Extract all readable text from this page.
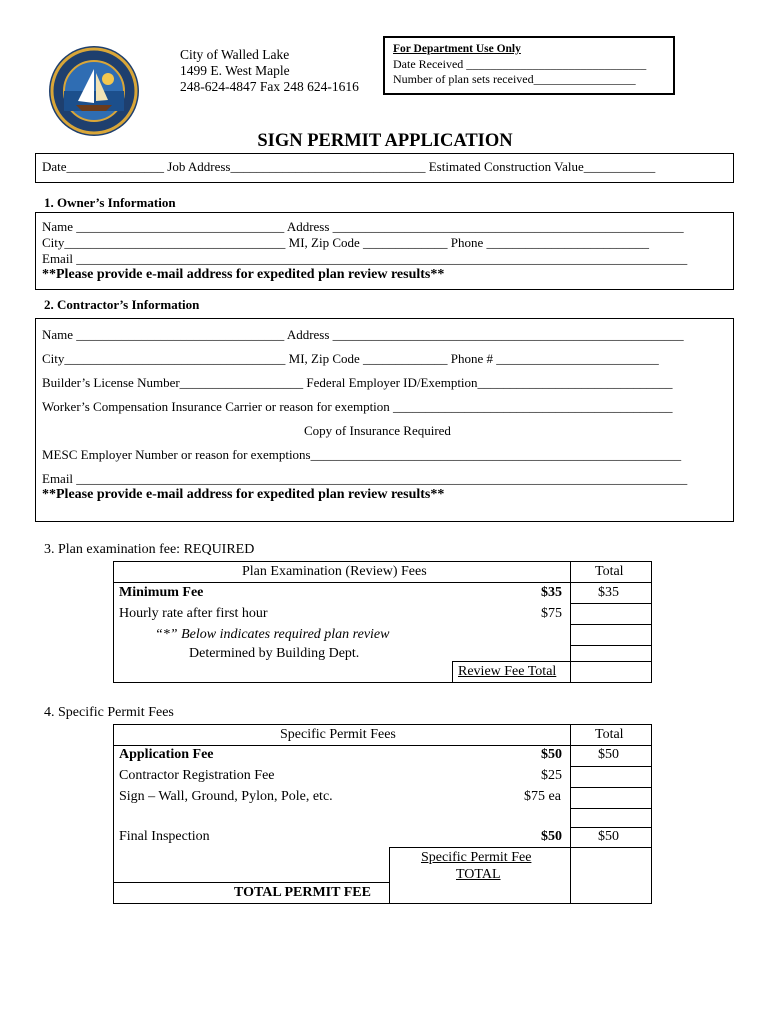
City of Walled Lake
1499 E. West Maple
248-624-4847 Fax 248 624-1616
For Department Use Only
Date Received ______________________________
Number of plan sets received_________________
SIGN PERMIT APPLICATION
Date_______________ Job Address______________________________ Estimated Construction Value___________
1. Owner’s Information
Name ________________________________ Address ______________________________________________________
City__________________________________ MI, Zip Code _____________ Phone _________________________
Email ______________________________________________________________________________________________
**Please provide e-mail address for expedited plan review results**
2. Contractor’s Information
Name ________________________________ Address ______________________________________________________
City__________________________________ MI, Zip Code _____________ Phone # _________________________
Builder’s License Number___________________ Federal Employer ID/Exemption______________________________
Worker’s Compensation Insurance Carrier or reason for exemption ___________________________________________
Copy of Insurance Required
MESC Employer Number or reason for exemptions_________________________________________________________
Email ______________________________________________________________________________________________
**Please provide e-mail address for expedited plan review results**
3. Plan examination fee: REQUIRED
Plan Examination (Review) Fees	Total
Minimum Fee	$35	$35
Hourly rate after first hour	$75
“*” Below indicates required plan review
Determined by Building Dept.
Review Fee Total
4. Specific Permit Fees
Specific Permit Fees	Total
Application Fee	$50	$50
Contractor Registration Fee	$25
Sign – Wall, Ground, Pylon, Pole, etc.	$75 ea
Final Inspection	$50	$50
Specific Permit Fee
TOTAL
TOTAL PERMIT FEE
